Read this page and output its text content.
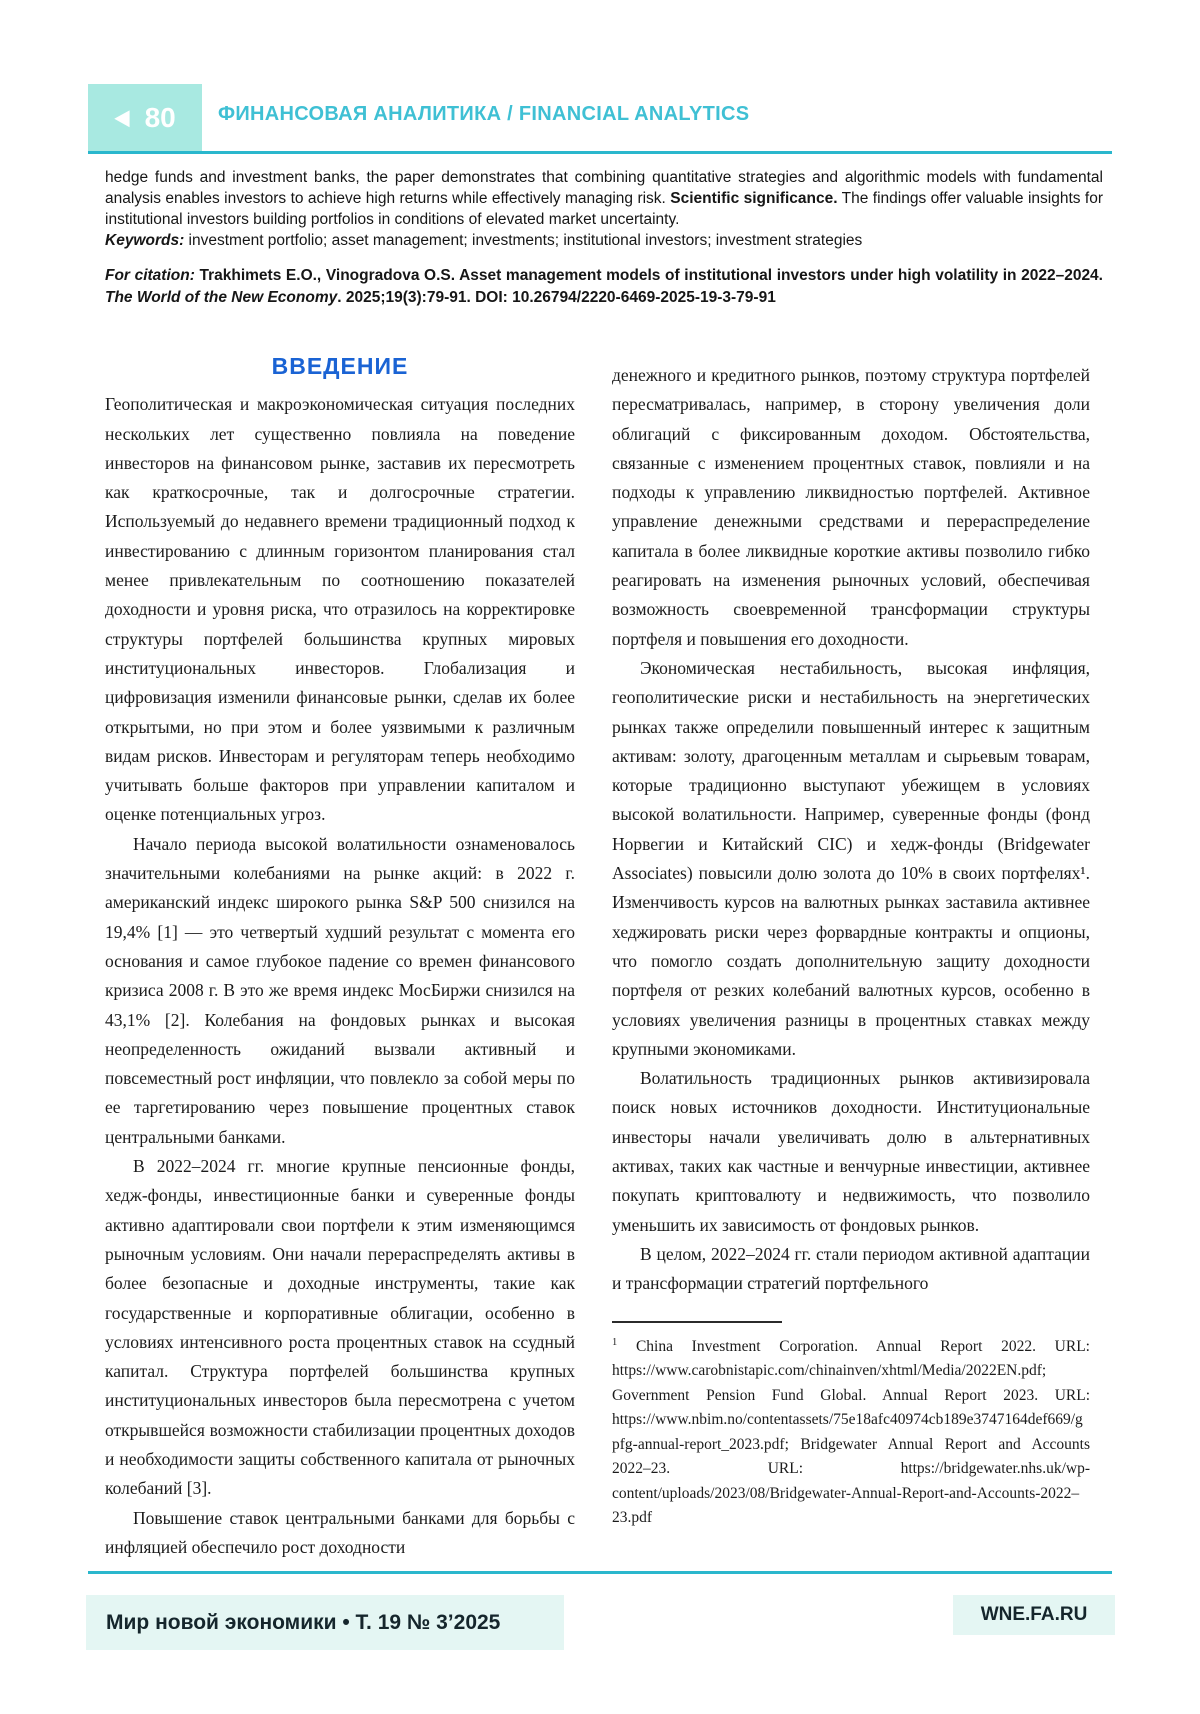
◀ 80 ФИНАНСОВАЯ АНАЛИТИКА / FINANCIAL ANALYTICS

hedge funds and investment banks, the paper demonstrates that combining quantitative strategies and algorithmic models with fundamental analysis enables investors to achieve high returns while effectively managing risk. Scientific significance. The findings offer valuable insights for institutional investors building portfolios in conditions of elevated market uncertainty.

Keywords: investment portfolio; asset management; investments; institutional investors; investment strategies

For citation: Trakhimets E.O., Vinogradova O.S. Asset management models of institutional investors under high volatility in 2022–2024. The World of the New Economy. 2025;19(3):79-91. DOI: 10.26794/2220-6469-2025-19-3-79-91

ВВЕДЕНИЕ

Геополитическая и макроэкономическая ситуация последних нескольких лет существенно повлияла на поведение инвесторов на финансовом рынке, заставив их пересмотреть как краткосрочные, так и долгосрочные стратегии. Используемый до недавнего времени традиционный подход к инвестированию с длинным горизонтом планирования стал менее привлекательным по соотношению показателей доходности и уровня риска, что отразилось на корректировке структуры портфелей большинства крупных мировых институциональных инвесторов. Глобализация и цифровизация изменили финансовые рынки, сделав их более открытыми, но при этом и более уязвимыми к различным видам рисков. Инвесторам и регуляторам теперь необходимо учитывать больше факторов при управлении капиталом и оценке потенциальных угроз.

Начало периода высокой волатильности ознаменовалось значительными колебаниями на рынке акций: в 2022 г. американский индекс широкого рынка S&P 500 снизился на 19,4% [1] — это четвертый худший результат с момента его основания и самое глубокое падение со времен финансового кризиса 2008 г. В это же время индекс МосБиржи снизился на 43,1% [2]. Колебания на фондовых рынках и высокая неопределенность ожиданий вызвали активный и повсеместный рост инфляции, что повлекло за собой меры по ее таргетированию через повышение процентных ставок центральными банками.

В 2022–2024 гг. многие крупные пенсионные фонды, хедж-фонды, инвестиционные банки и суверенные фонды активно адаптировали свои портфели к этим изменяющимся рыночным условиям. Они начали перераспределять активы в более безопасные и доходные инструменты, такие как государственные и корпоративные облигации, особенно в условиях интенсивного роста процентных ставок на ссудный капитал. Структура портфелей большинства крупных институциональных инвесторов была пересмотрена с учетом открывшейся возможности стабилизации процентных доходов и необходимости защиты собственного капитала от рыночных колебаний [3].

Повышение ставок центральными банками для борьбы с инфляцией обеспечило рост доходности

денежного и кредитного рынков, поэтому структура портфелей пересматривалась, например, в сторону увеличения доли облигаций с фиксированным доходом. Обстоятельства, связанные с изменением процентных ставок, повлияли и на подходы к управлению ликвидностью портфелей. Активное управление денежными средствами и перераспределение капитала в более ликвидные короткие активы позволило гибко реагировать на изменения рыночных условий, обеспечивая возможность своевременной трансформации структуры портфеля и повышения его доходности.

Экономическая нестабильность, высокая инфляция, геополитические риски и нестабильность на энергетических рынках также определили повышенный интерес к защитным активам: золоту, драгоценным металлам и сырьевым товарам, которые традиционно выступают убежищем в условиях высокой волатильности. Например, суверенные фонды (фонд Норвегии и Китайский CIC) и хедж-фонды (Bridgewater Associates) повысили долю золота до 10% в своих портфелях¹. Изменчивость курсов на валютных рынках заставила активнее хеджировать риски через форвардные контракты и опционы, что помогло создать дополнительную защиту доходности портфеля от резких колебаний валютных курсов, особенно в условиях увеличения разницы в процентных ставках между крупными экономиками.

Волатильность традиционных рынков активизировала поиск новых источников доходности. Институциональные инвесторы начали увеличивать долю в альтернативных активах, таких как частные и венчурные инвестиции, активнее покупать криптовалюту и недвижимость, что позволило уменьшить их зависимость от фондовых рынков.

В целом, 2022–2024 гг. стали периодом активной адаптации и трансформации стратегий портфельного

$^1$ China Investment Corporation. Annual Report 2022. URL: https://www.carobnistapic.com/chinainven/xhtml/Media/2022EN.pdf; Government Pension Fund Global. Annual Report 2023. URL: https://www.nbim.no/contentassets/75e18afc40974cb189e3747164def669/gpfg-annual-report_2023.pdf; Bridgewater Annual Report and Accounts 2022–23. URL: https://bridgewater.nhs.uk/wp-content/uploads/2023/08/Bridgewater-Annual-Report-and-Accounts-2022–23.pdf

Мир новой экономики • Т. 19 № 3’2025	WNE.FA.RU
